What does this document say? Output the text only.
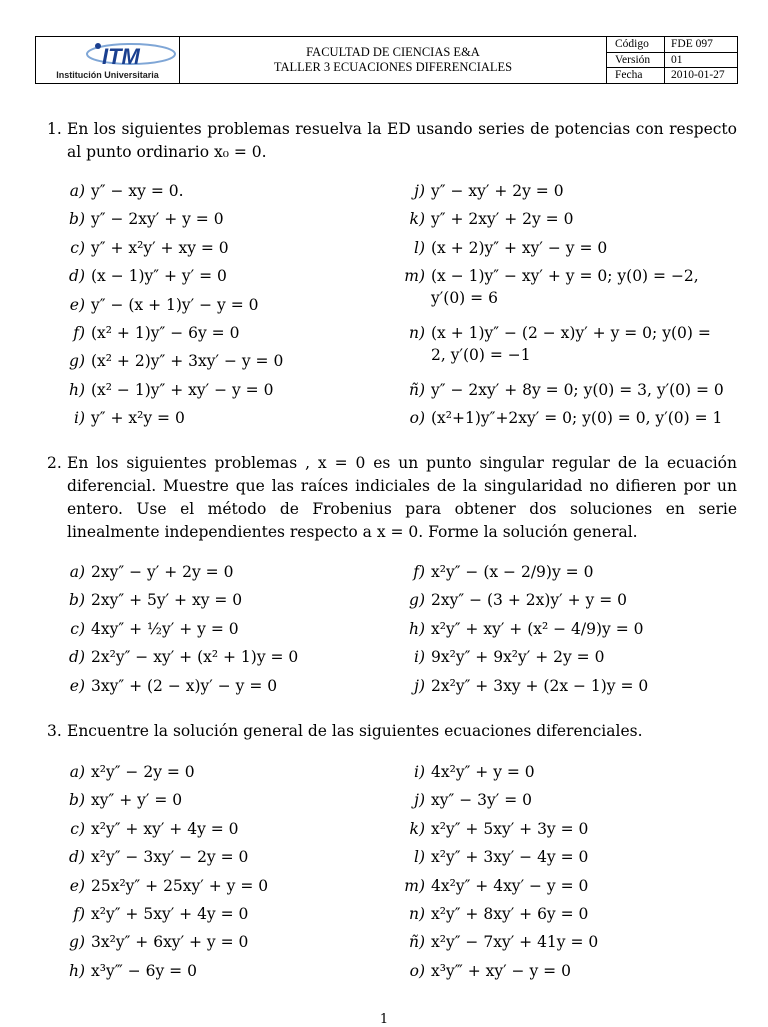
ITM
Institución Universitaria
FACULTAD DE CIENCIAS E&A
TALLER 3 ECUACIONES DIFERENCIALES
Código	FDE 097
Versión	01
Fecha	2010-01-27
1. En los siguientes problemas resuelva la ED usando series de potencias con respecto al punto ordinario x₀ = 0.
a) y″ − xy = 0.
b) y″ − 2xy′ + y = 0
c) y″ + x²y′ + xy = 0
d) (x − 1)y″ + y′ = 0
e) y″ − (x + 1)y′ − y = 0
f) (x² + 1)y″ − 6y = 0
g) (x² + 2)y″ + 3xy′ − y = 0
h) (x² − 1)y″ + xy′ − y = 0
i) y″ + x²y = 0
j) y″ − xy′ + 2y = 0
k) y″ + 2xy′ + 2y = 0
l) (x + 2)y″ + xy′ − y = 0
m) (x − 1)y″ − xy′ + y = 0; y(0) = −2, y′(0) = 6
n) (x + 1)y″ − (2 − x)y′ + y = 0; y(0) = 2, y′(0) = −1
ñ) y″ − 2xy′ + 8y = 0; y(0) = 3, y′(0) = 0
o) (x²+1)y″+2xy′ = 0; y(0) = 0, y′(0) = 1
2. En los siguientes problemas , x = 0 es un punto singular regular de la ecuación diferencial. Muestre que las raíces indiciales de la singularidad no difieren por un entero. Use el método de Frobenius para obtener dos soluciones en serie linealmente independientes respecto a x = 0. Forme la solución general.
a) 2xy″ − y′ + 2y = 0
b) 2xy″ + 5y′ + xy = 0
c) 4xy″ + ½y′ + y = 0
d) 2x²y″ − xy′ + (x² + 1)y = 0
e) 3xy″ + (2 − x)y′ − y = 0
f) x²y″ − (x − 2/9)y = 0
g) 2xy″ − (3 + 2x)y′ + y = 0
h) x²y″ + xy′ + (x² − 4/9)y = 0
i) 9x²y″ + 9x²y′ + 2y = 0
j) 2x²y″ + 3xy + (2x − 1)y = 0
3. Encuentre la solución general de las siguientes ecuaciones diferenciales.
a) x²y″ − 2y = 0
b) xy″ + y′ = 0
c) x²y″ + xy′ + 4y = 0
d) x²y″ − 3xy′ − 2y = 0
e) 25x²y″ + 25xy′ + y = 0
f) x²y″ + 5xy′ + 4y = 0
g) 3x²y″ + 6xy′ + y = 0
h) x³y‴ − 6y = 0
i) 4x²y″ + y = 0
j) xy″ − 3y′ = 0
k) x²y″ + 5xy′ + 3y = 0
l) x²y″ + 3xy′ − 4y = 0
m) 4x²y″ + 4xy′ − y = 0
n) x²y″ + 8xy′ + 6y = 0
ñ) x²y″ − 7xy′ + 41y = 0
o) x³y‴ + xy′ − y = 0
1
